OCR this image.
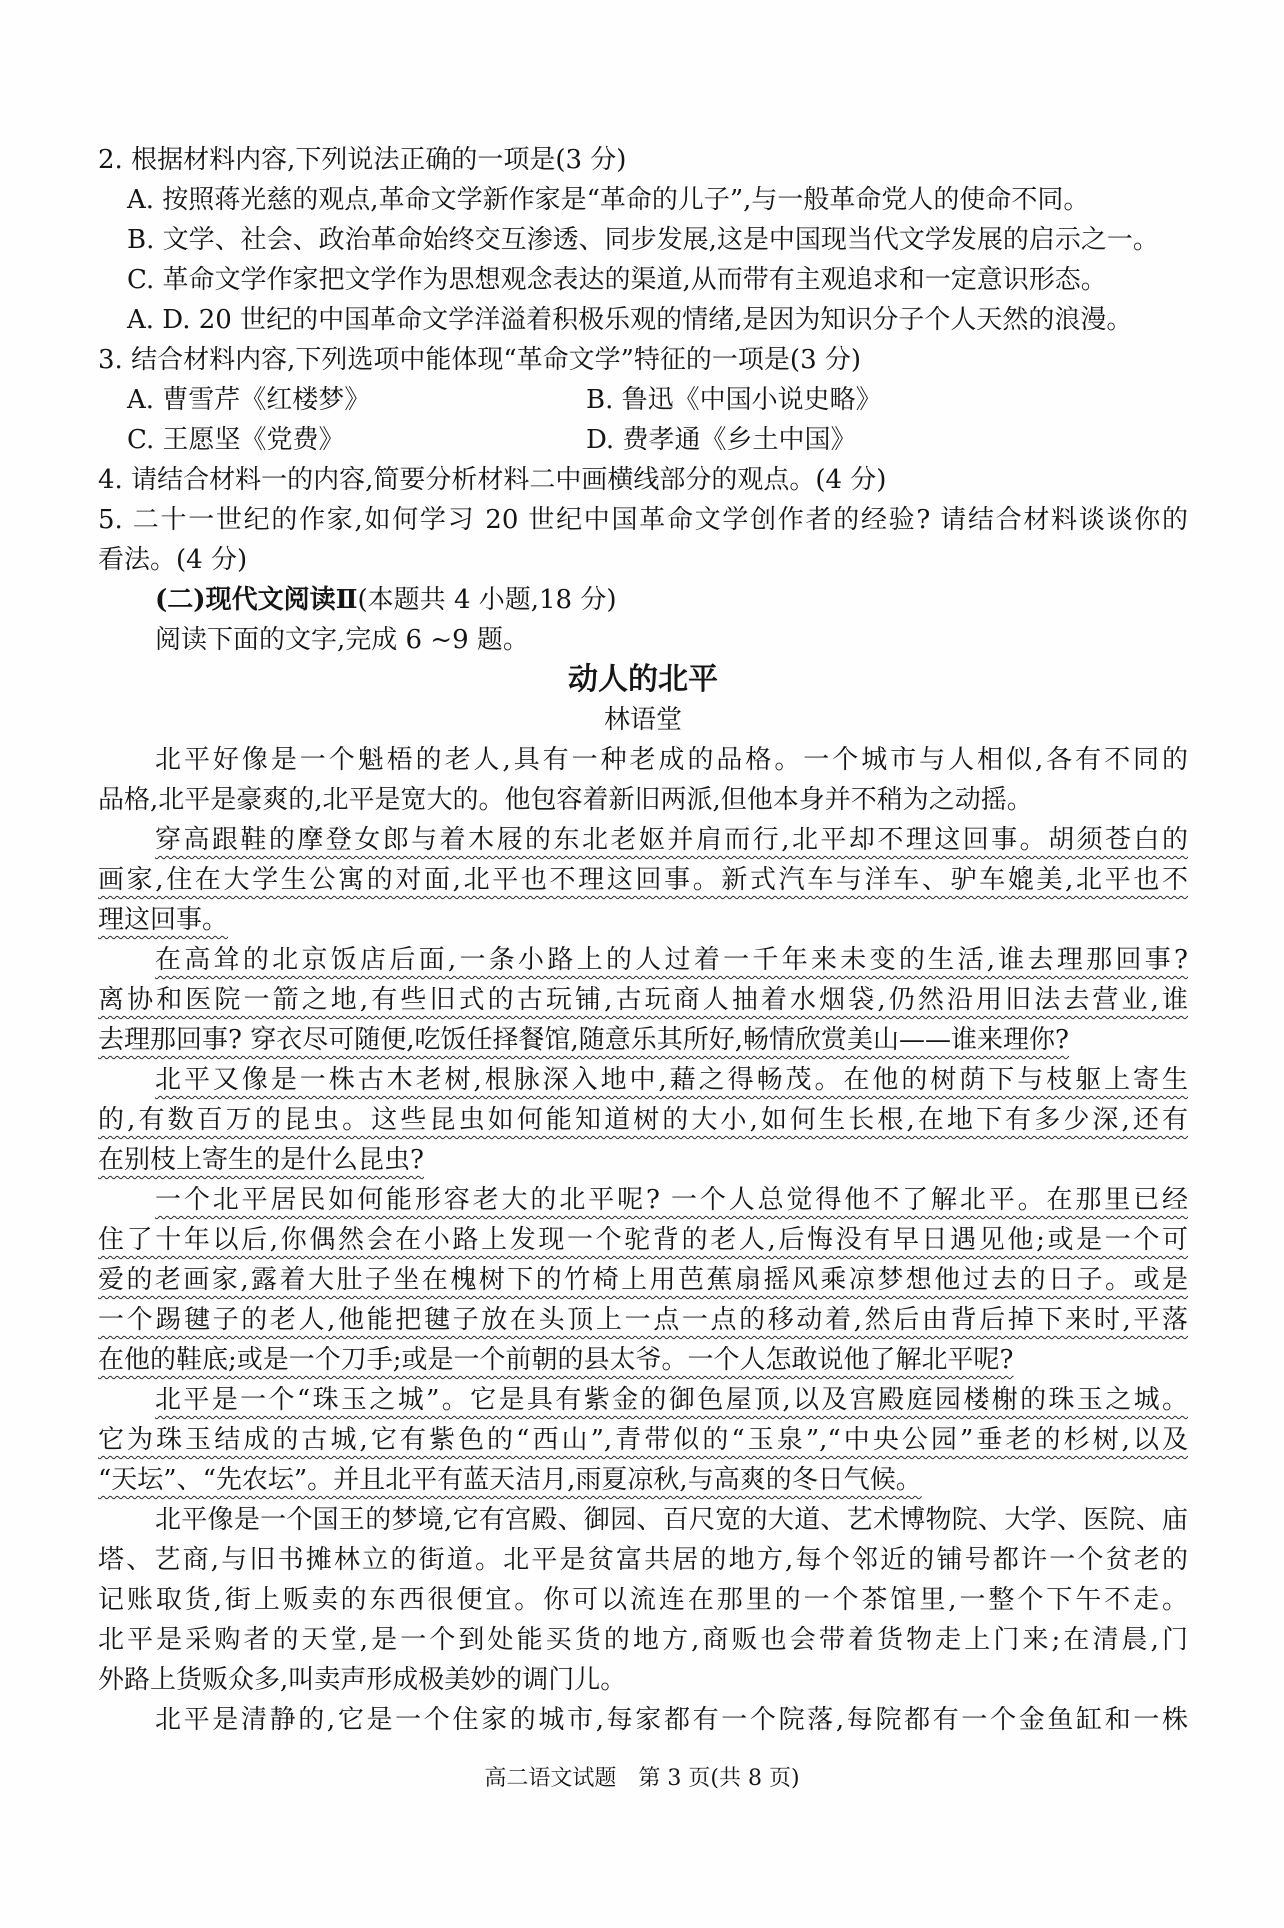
2. 根据材料内容,下列说法正确的一项是(3 分)
A. 按照蒋光慈的观点,革命文学新作家是“革命的儿子”,与一般革命党人的使命不同。
B. 文学、社会、政治革命始终交互渗透、同步发展,这是中国现当代文学发展的启示之一。
C. 革命文学作家把文学作为思想观念表达的渠道,从而带有主观追求和一定意识形态。
A. D. 20 世纪的中国革命文学洋溢着积极乐观的情绪,是因为知识分子个人天然的浪漫。
3. 结合材料内容,下列选项中能体现“革命文学”特征的一项是(3 分)
A. 曹雪芹《红楼梦》	B. 鲁迅《中国小说史略》
C. 王愿坚《党费》	D. 费孝通《乡土中国》
4. 请结合材料一的内容,简要分析材料二中画横线部分的观点。(4 分)
5. 二十一世纪的作家,如何学习 20 世纪中国革命文学创作者的经验? 请结合材料谈谈你的
看法。(4 分)
(二)现代文阅读Ⅱ(本题共 4 小题,18 分)
阅读下面的文字,完成 6 ~9 题。
动人的北平
林语堂
北平好像是一个魁梧的老人,具有一种老成的品格。一个城市与人相似,各有不同的
品格,北平是豪爽的,北平是宽大的。他包容着新旧两派,但他本身并不稍为之动摇。
穿高跟鞋的摩登女郎与着木屐的东北老妪并肩而行,北平却不理这回事。胡须苍白的
画家,住在大学生公寓的对面,北平也不理这回事。新式汽车与洋车、驴车媲美,北平也不
理这回事。
在高耸的北京饭店后面,一条小路上的人过着一千年来未变的生活,谁去理那回事?
离协和医院一箭之地,有些旧式的古玩铺,古玩商人抽着水烟袋,仍然沿用旧法去营业,谁
去理那回事? 穿衣尽可随便,吃饭任择餐馆,随意乐其所好,畅情欣赏美山——谁来理你?
北平又像是一株古木老树,根脉深入地中,藉之得畅茂。在他的树荫下与枝躯上寄生
的,有数百万的昆虫。这些昆虫如何能知道树的大小,如何生长根,在地下有多少深,还有
在别枝上寄生的是什么昆虫?
一个北平居民如何能形容老大的北平呢? 一个人总觉得他不了解北平。在那里已经
住了十年以后,你偶然会在小路上发现一个驼背的老人,后悔没有早日遇见他;或是一个可
爱的老画家,露着大肚子坐在槐树下的竹椅上用芭蕉扇摇风乘凉梦想他过去的日子。或是
一个踢毽子的老人,他能把毽子放在头顶上一点一点的移动着,然后由背后掉下来时,平落
在他的鞋底;或是一个刀手;或是一个前朝的县太爷。一个人怎敢说他了解北平呢?
北平是一个“珠玉之城”。它是具有紫金的御色屋顶,以及宫殿庭园楼榭的珠玉之城。
它为珠玉结成的古城,它有紫色的“西山”,青带似的“玉泉”,“中央公园”垂老的杉树,以及
“天坛”、“先农坛”。并且北平有蓝天洁月,雨夏凉秋,与高爽的冬日气候。
北平像是一个国王的梦境,它有宫殿、御园、百尺宽的大道、艺术博物院、大学、医院、庙
塔、艺商,与旧书摊林立的街道。北平是贫富共居的地方,每个邻近的铺号都许一个贫老的
记账取货,街上贩卖的东西很便宜。你可以流连在那里的一个茶馆里,一整个下午不走。
北平是采购者的天堂,是一个到处能买货的地方,商贩也会带着货物走上门来;在清晨,门
外路上货贩众多,叫卖声形成极美妙的调门儿。
北平是清静的,它是一个住家的城市,每家都有一个院落,每院都有一个金鱼缸和一株
高二语文试题　第 3 页(共 8 页)
